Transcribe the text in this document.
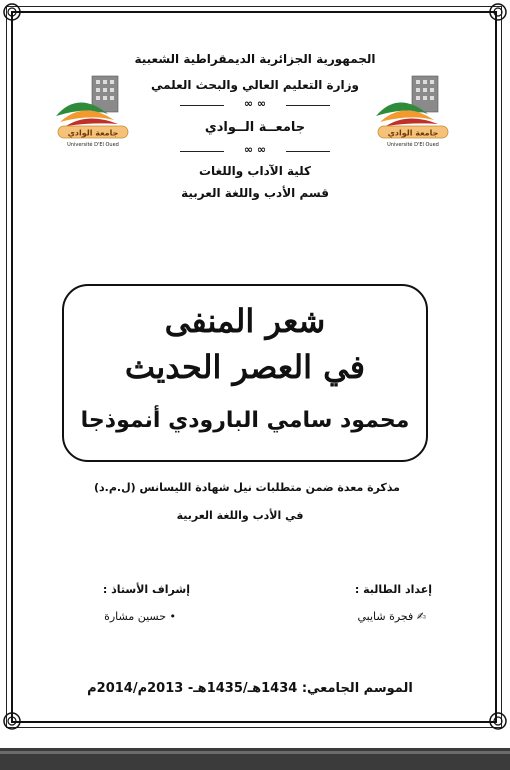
جامعة الوادي
Université D'El Oued
جامعة الوادي
Université D'El Oued
الجمهورية الجزائرية الديمقراطية الشعبية
وزارة التعليم العالي والبحث العلمي
∞ ∞
جامعــة الــوادي
∞ ∞
كلية الآداب واللغات
قسم الأدب واللغة العربية
شعر المنفى
في العصر الحديث
محمود سامي البارودي أنموذجا
مذكرة معدة ضمن متطلبات نيل شهادة الليسانس (ل.م.د)
في الأدب واللغة العربية
إعداد الطالبة :
✍ فجرة شايبي
إشراف الأستاذ :
• حسين مشارة
الموسم الجامعي: 1434هـ/1435هـ- 2013م/2014م
